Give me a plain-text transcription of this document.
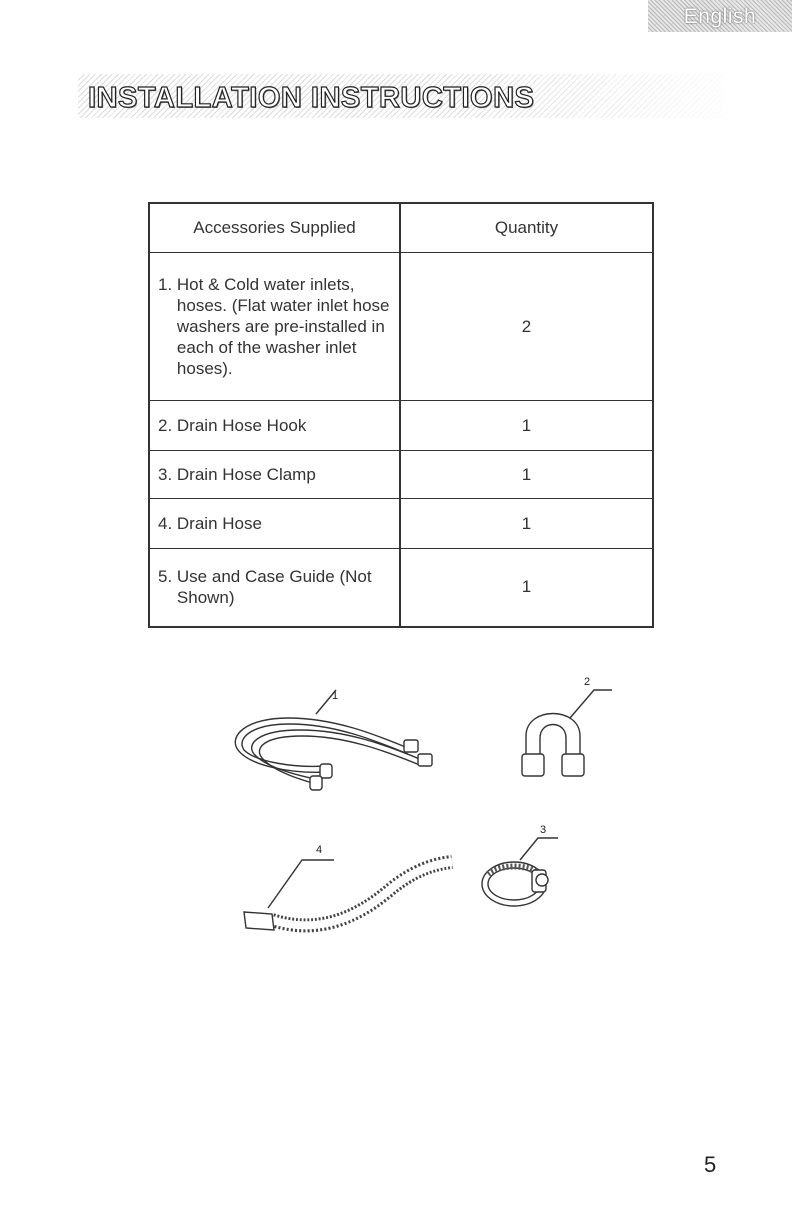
English
INSTALLATION INSTRUCTIONS
Accessories Supplied	Quantity

1. Hot & Cold water inlets, hoses. (Flat water inlet hose washers are pre-installed in each of the washer inlet hoses).	2

2. Drain Hose Hook	1

3. Drain Hose Clamp	1

4. Drain Hose	1

5. Use and Case Guide (Not Shown)	1
1
2
4
3
5
